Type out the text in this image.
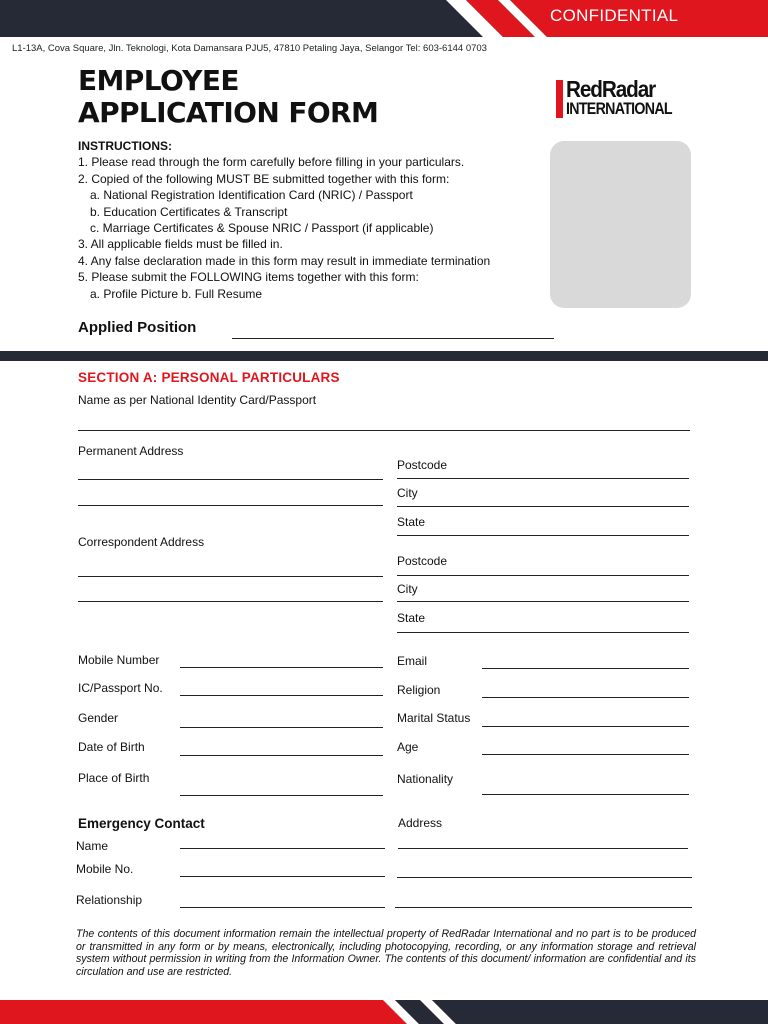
CONFIDENTIAL
L1-13A, Cova Square, Jln. Teknologi, Kota Damansara PJU5, 47810 Petaling Jaya, Selangor Tel: 603-6144 0703
EMPLOYEE
APPLICATION FORM
RedRadar
INTERNATIONAL
INSTRUCTIONS:
1. Please read through the form carefully before filling in your particulars.
2. Copied of the following MUST BE submitted together with this form:
a. National Registration Identification Card (NRIC) / Passport
b. Education Certificates & Transcript
c. Marriage Certificates & Spouse NRIC / Passport (if applicable)
3. All applicable fields must be filled in.
4. Any false declaration made in this form may result in immediate termination
5. Please submit the FOLLOWING items together with this form:
a. Profile Picture b. Full Resume
Applied Position
SECTION A: PERSONAL PARTICULARS
Name as per National Identity Card/Passport
Permanent Address
Postcode
City
State
Correspondent Address
Postcode
City
State
Mobile Number
IC/Passport No.
Gender
Date of Birth
Place of Birth
Email
Religion
Marital Status
Age
Nationality
Emergency Contact	Address
Name
Mobile No.
Relationship
The contents of this document information remain the intellectual property of RedRadar International and no part is to be produced or transmitted in any form or by means, electronically, including photocopying, recording, or any information storage and retrieval system without permission in writing from the Information Owner. The contents of this document/ information are confidential and its circulation and use are restricted.
